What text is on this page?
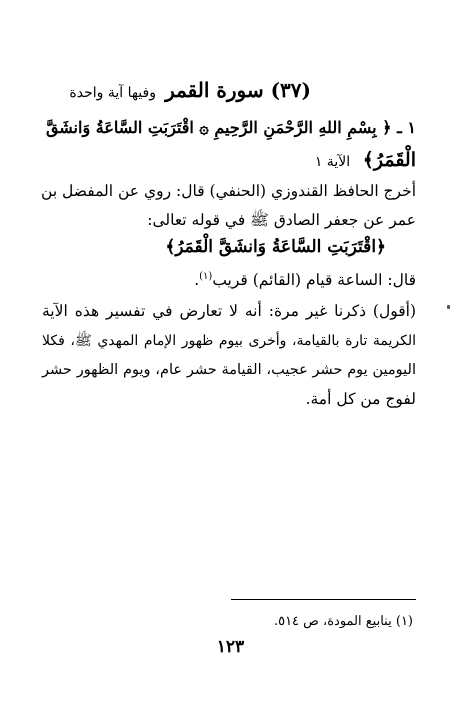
(٣٧) سورة القمر وفيها آية واحدة
١ ـ ﴿ بِسْمِ اللهِ الرَّحْمَنِ الرَّحِيمِ ۞ اقْتَرَبَتِ السَّاعَةُ وَانشَقَّ
الْقَمَرُ﴾ الآية ١
أخرج الحافظ القندوزي (الحنفي) قال: روي عن المفضل بن
عمر عن جعفر الصادق ﷺ في قوله تعالى:
﴿اقْتَرَبَتِ السَّاعَةُ وَانشَقَّ الْقَمَرُ﴾
قال: الساعة قيام (القائم) قريب$^{(١)}$.
(أقول) ذكرنا غير مرة: أنه لا تعارض في تفسير هذه الآية
الكريمة تارة بالقيامة، وأخرى بيوم ظهور الإمام المهدي ﷺ، فكلا
اليومين يوم حشر عجيب، القيامة حشر عام، ويوم الظهور حشر
لفوج من كل أمة.
(١) ينابيع المودة، ص ٥١٤.
١٢٣
